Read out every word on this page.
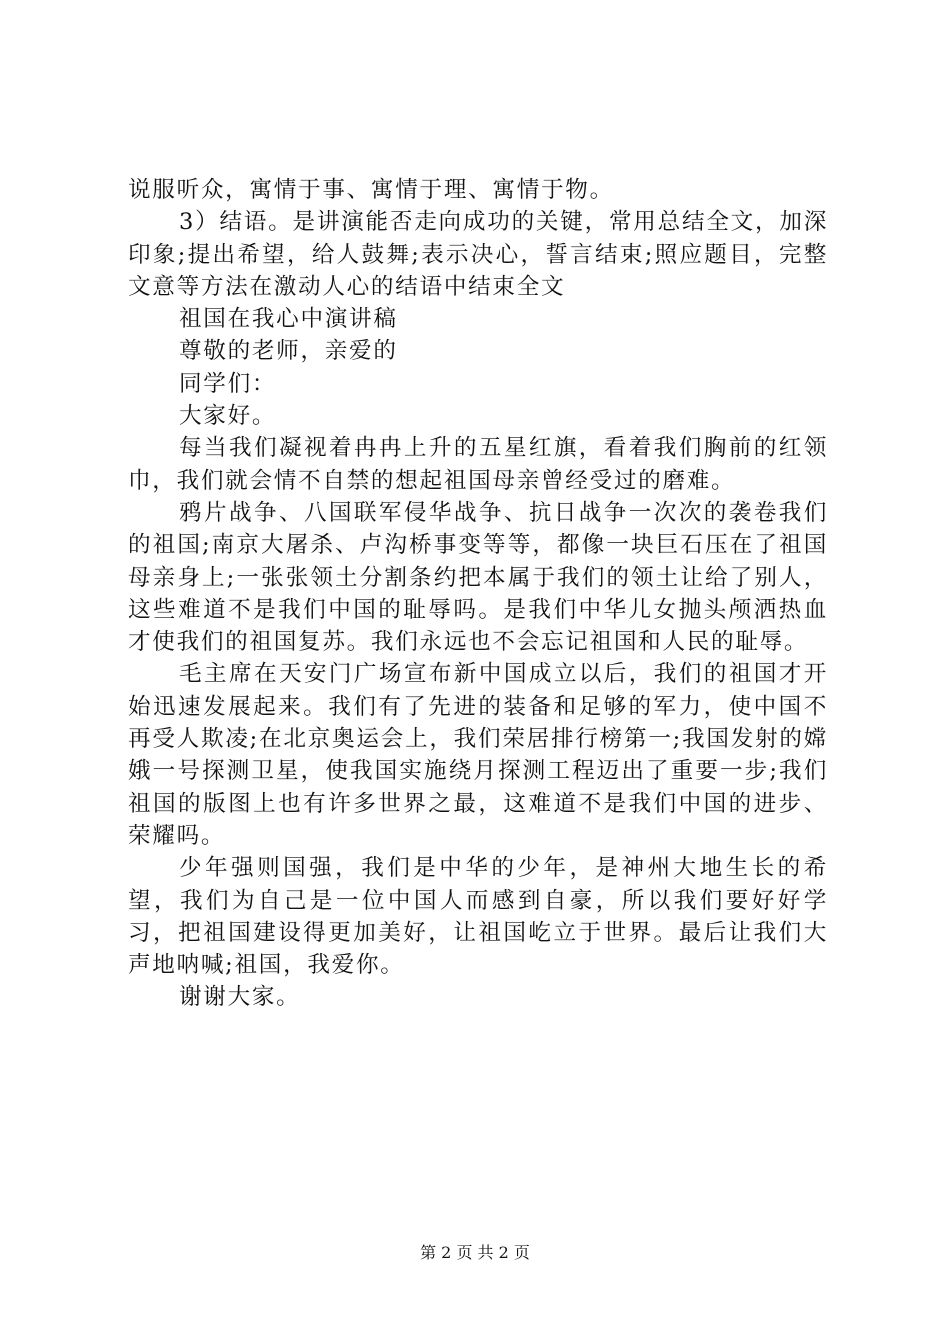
说服听众，寓情于事、寓情于理、寓情于物。

3）结语。是讲演能否走向成功的关键，常用总结全文，加深印象;提出希望，给人鼓舞;表示决心，誓言结束;照应题目，完整文意等方法在激动人心的结语中结束全文

祖国在我心中演讲稿

尊敬的老师，亲爱的

同学们：

大家好。

每当我们凝视着冉冉上升的五星红旗，看着我们胸前的红领巾，我们就会情不自禁的想起祖国母亲曾经受过的磨难。

鸦片战争、八国联军侵华战争、抗日战争一次次的袭卷我们的祖国;南京大屠杀、卢沟桥事变等等，都像一块巨石压在了祖国母亲身上;一张张领土分割条约把本属于我们的领土让给了别人，这些难道不是我们中国的耻辱吗。是我们中华儿女抛头颅洒热血才使我们的祖国复苏。我们永远也不会忘记祖国和人民的耻辱。

毛主席在天安门广场宣布新中国成立以后，我们的祖国才开始迅速发展起来。我们有了先进的装备和足够的军力，使中国不再受人欺凌;在北京奥运会上，我们荣居排行榜第一;我国发射的嫦娥一号探测卫星，使我国实施绕月探测工程迈出了重要一步;我们祖国的版图上也有许多世界之最，这难道不是我们中国的进步、荣耀吗。

少年强则国强，我们是中华的少年，是神州大地生长的希望，我们为自己是一位中国人而感到自豪，所以我们要好好学习，把祖国建设得更加美好，让祖国屹立于世界。最后让我们大声地呐喊;祖国，我爱你。

谢谢大家。

第 2 页 共 2 页
